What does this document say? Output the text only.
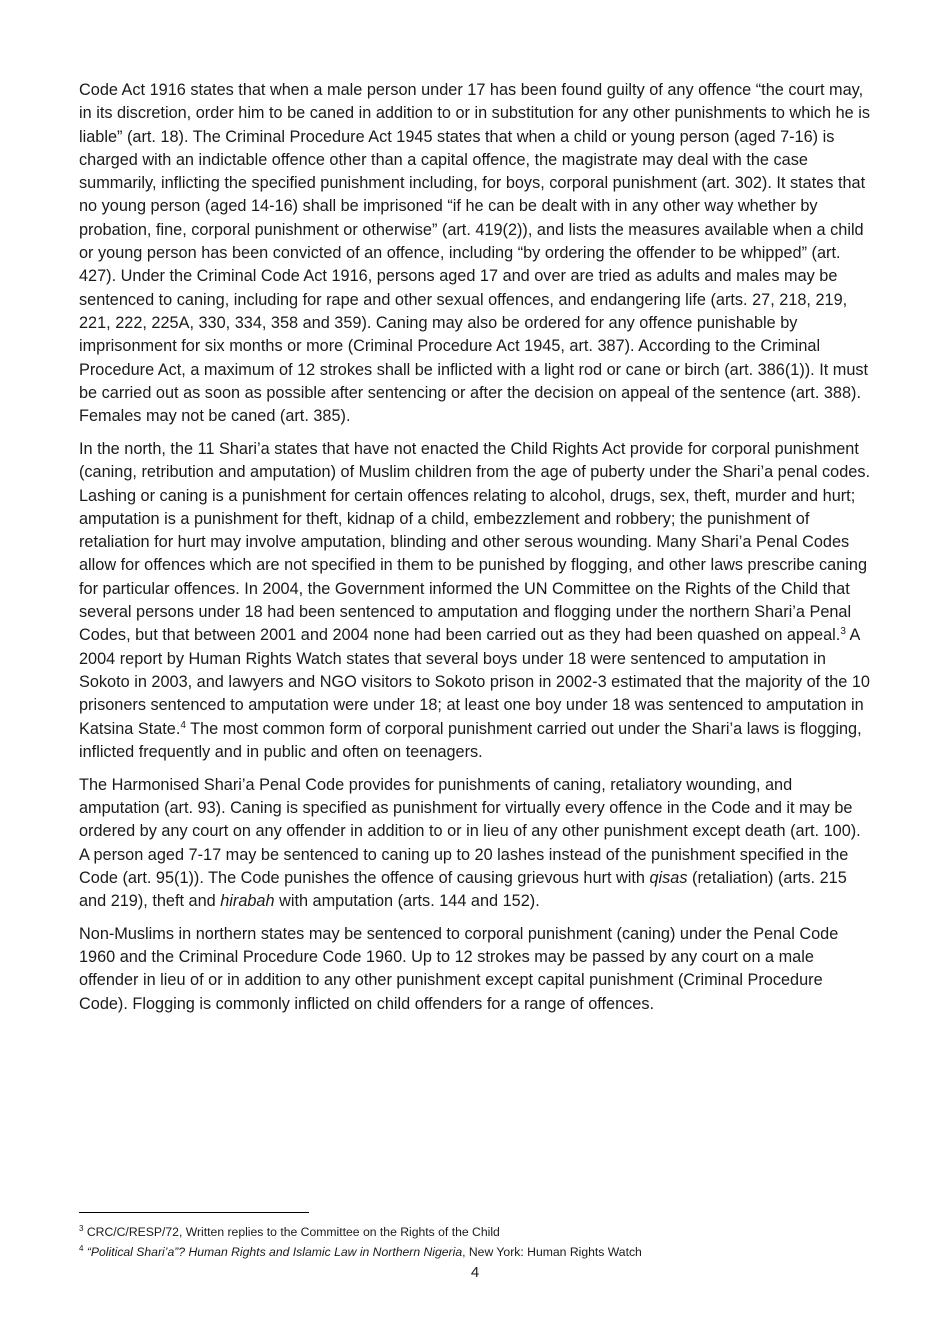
Code Act 1916 states that when a male person under 17 has been found guilty of any offence “the court may, in its discretion, order him to be caned in addition to or in substitution for any other punishments to which he is liable” (art. 18). The Criminal Procedure Act 1945 states that when a child or young person (aged 7-16) is charged with an indictable offence other than a capital offence, the magistrate may deal with the case summarily, inflicting the specified punishment including, for boys, corporal punishment (art. 302). It states that no young person (aged 14-16) shall be imprisoned “if he can be dealt with in any other way whether by probation, fine, corporal punishment or otherwise” (art. 419(2)), and lists the measures available when a child or young person has been convicted of an offence, including “by ordering the offender to be whipped” (art. 427). Under the Criminal Code Act 1916, persons aged 17 and over are tried as adults and males may be sentenced to caning, including for rape and other sexual offences, and endangering life (arts. 27, 218, 219, 221, 222, 225A, 330, 334, 358 and 359). Caning may also be ordered for any offence punishable by imprisonment for six months or more (Criminal Procedure Act 1945, art. 387). According to the Criminal Procedure Act, a maximum of 12 strokes shall be inflicted with a light rod or cane or birch (art. 386(1)). It must be carried out as soon as possible after sentencing or after the decision on appeal of the sentence (art. 388). Females may not be caned (art. 385).

In the north, the 11 Shari’a states that have not enacted the Child Rights Act provide for corporal punishment (caning, retribution and amputation) of Muslim children from the age of puberty under the Shari’a penal codes. Lashing or caning is a punishment for certain offences relating to alcohol, drugs, sex, theft, murder and hurt; amputation is a punishment for theft, kidnap of a child, embezzlement and robbery; the punishment of retaliation for hurt may involve amputation, blinding and other serous wounding. Many Shari’a Penal Codes allow for offences which are not specified in them to be punished by flogging, and other laws prescribe caning for particular offences. In 2004, the Government informed the UN Committee on the Rights of the Child that several persons under 18 had been sentenced to amputation and flogging under the northern Shari’a Penal Codes, but that between 2001 and 2004 none had been carried out as they had been quashed on appeal.$^3$ A 2004 report by Human Rights Watch states that several boys under 18 were sentenced to amputation in Sokoto in 2003, and lawyers and NGO visitors to Sokoto prison in 2002-3 estimated that the majority of the 10 prisoners sentenced to amputation were under 18; at least one boy under 18 was sentenced to amputation in Katsina State.$^4$ The most common form of corporal punishment carried out under the Shari’a laws is flogging, inflicted frequently and in public and often on teenagers.

The Harmonised Shari’a Penal Code provides for punishments of caning, retaliatory wounding, and amputation (art. 93). Caning is specified as punishment for virtually every offence in the Code and it may be ordered by any court on any offender in addition to or in lieu of any other punishment except death (art. 100). A person aged 7-17 may be sentenced to caning up to 20 lashes instead of the punishment specified in the Code (art. 95(1)). The Code punishes the offence of causing grievous hurt with qisas (retaliation) (arts. 215 and 219), theft and hirabah with amputation (arts. 144 and 152).

Non-Muslims in northern states may be sentenced to corporal punishment (caning) under the Penal Code 1960 and the Criminal Procedure Code 1960. Up to 12 strokes may be passed by any court on a male offender in lieu of or in addition to any other punishment except capital punishment (Criminal Procedure Code). Flogging is commonly inflicted on child offenders for a range of offences.

$^3$ CRC/C/RESP/72, Written replies to the Committee on the Rights of the Child
$^4$ “Political Shari’a”? Human Rights and Islamic Law in Northern Nigeria, New York: Human Rights Watch
4
